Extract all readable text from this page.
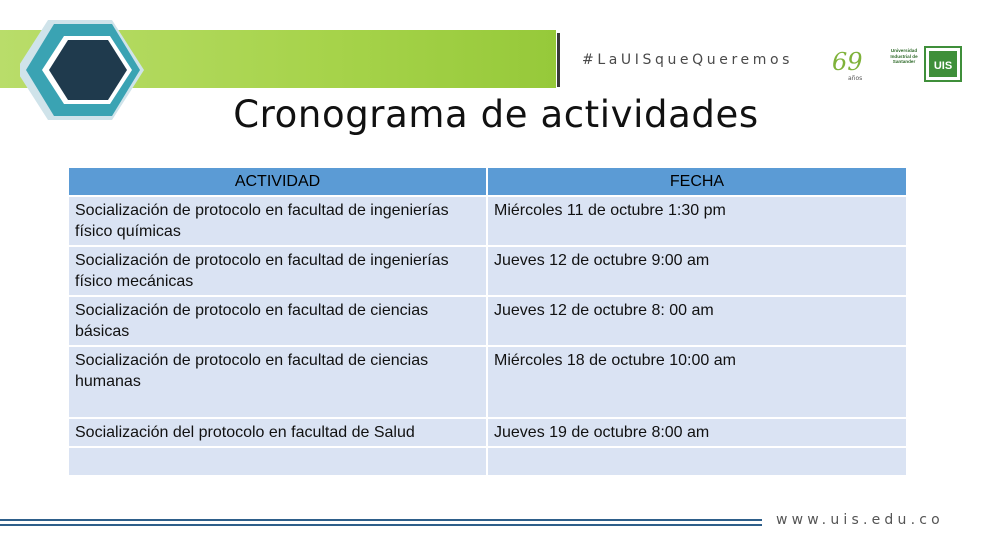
#LaUISqueQueremos	69
años
Universidad Industrial de Santander	UIS
Cronograma de actividades
ACTIVIDAD	FECHA
Socialización de protocolo en facultad de ingenierías físico químicas	Miércoles 11 de octubre 1:30 pm
Socialización de protocolo en facultad de ingenierías físico mecánicas	Jueves 12 de octubre 9:00 am
Socialización de protocolo en facultad de ciencias básicas	Jueves 12 de octubre 8: 00 am
Socialización de protocolo en facultad de ciencias humanas	Miércoles 18 de octubre 10:00 am
Socialización del protocolo en facultad de Salud	Jueves 19 de octubre 8:00 am

www.uis.edu.co
